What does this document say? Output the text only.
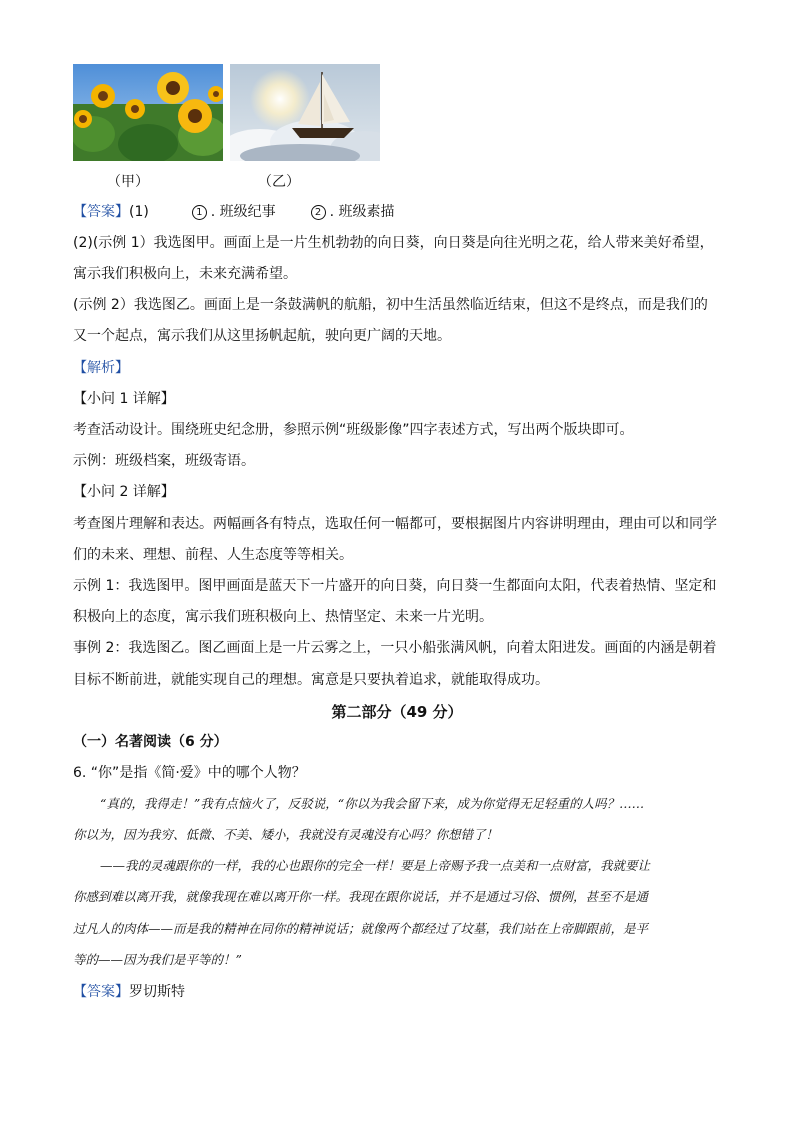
（甲）	（乙）
【答案】(1)	1 . 班级纪事	2 . 班级素描
(2)(示例 1）我选图甲。画面上是一片生机勃勃的向日葵，向日葵是向往光明之花，给人带来美好希望，
寓示我们积极向上，未来充满希望。
(示例 2）我选图乙。画面上是一条鼓满帆的航船，初中生活虽然临近结束，但这不是终点，而是我们的
又一个起点，寓示我们从这里扬帆起航，驶向更广阔的天地。
【解析】
【小问 1 详解】
考查活动设计。围绕班史纪念册，参照示例“班级影像”四字表述方式，写出两个版块即可。
示例：班级档案，班级寄语。
【小问 2 详解】
考查图片理解和表达。两幅画各有特点，选取任何一幅都可，要根据图片内容讲明理由，理由可以和同学
们的未来、理想、前程、人生态度等等相关。
示例 1：我选图甲。图甲画面是蓝天下一片盛开的向日葵，向日葵一生都面向太阳，代表着热情、坚定和
积极向上的态度，寓示我们班积极向上、热情坚定、未来一片光明。
事例 2：我选图乙。图乙画面上是一片云雾之上，一只小船张满风帆，向着太阳进发。画面的内涵是朝着
目标不断前进，就能实现自己的理想。寓意是只要执着追求，就能取得成功。
第二部分（49 分）
（一）名著阅读（6 分）
6. “你”是指《简·爱》中的哪个人物？
“真的，我得走！”我有点恼火了，反驳说，“你以为我会留下来，成为你觉得无足轻重的人吗？……
你以为，因为我穷、低微、不美、矮小，我就没有灵魂没有心吗？你想错了！
——我的灵魂跟你的一样，我的心也跟你的完全一样！要是上帝赐予我一点美和一点财富，我就要让
你感到难以离开我，就像我现在难以离开你一样。我现在跟你说话，并不是通过习俗、惯例，甚至不是通
过凡人的肉体——而是我的精神在同你的精神说话；就像两个都经过了坟墓，我们站在上帝脚跟前，是平
等的——因为我们是平等的！”
【答案】罗切斯特
